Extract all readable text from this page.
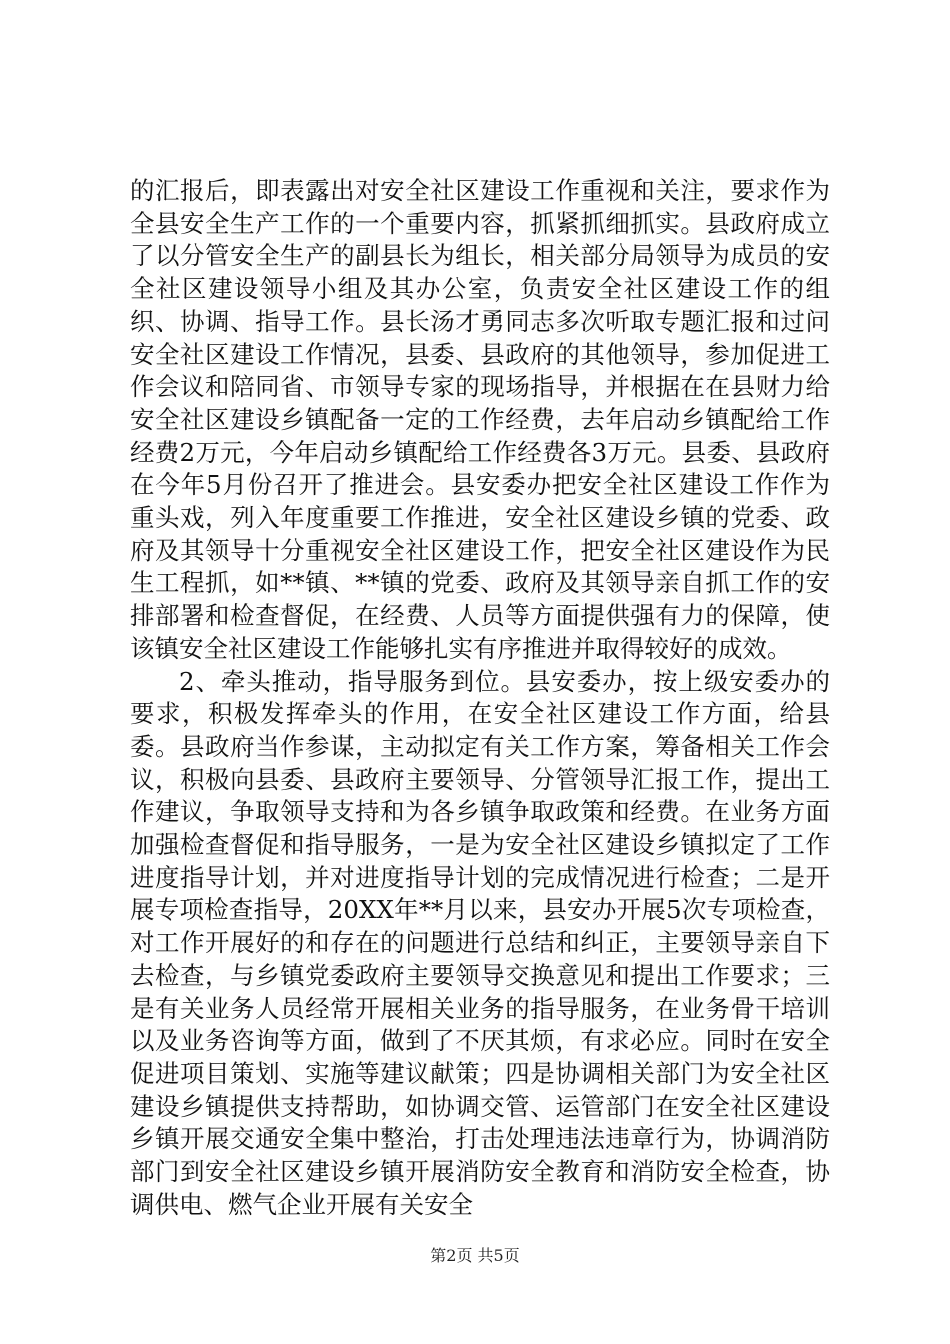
的汇报后，即表露出对安全社区建设工作重视和关注，要求作为全县安全生产工作的一个重要内容，抓紧抓细抓实。县政府成立了以分管安全生产的副县长为组长，相关部分局领导为成员的安全社区建设领导小组及其办公室，负责安全社区建设工作的组织、协调、指导工作。县长汤才勇同志多次听取专题汇报和过问安全社区建设工作情况，县委、县政府的其他领导，参加促进工作会议和陪同省、市领导专家的现场指导，并根据在在县财力给安全社区建设乡镇配备一定的工作经费，去年启动乡镇配给工作经费2万元，今年启动乡镇配给工作经费各3万元。县委、县政府在今年5月份召开了推进会。县安委办把安全社区建设工作作为重头戏，列入年度重要工作推进，安全社区建设乡镇的党委、政府及其领导十分重视安全社区建设工作，把安全社区建设作为民生工程抓，如**镇、**镇的党委、政府及其领导亲自抓工作的安排部署和检查督促，在经费、人员等方面提供强有力的保障，使该镇安全社区建设工作能够扎实有序推进并取得较好的成效。

2、牵头推动，指导服务到位。县安委办，按上级安委办的要求，积极发挥牵头的作用，在安全社区建设工作方面，给县委。县政府当作参谋，主动拟定有关工作方案，筹备相关工作会议，积极向县委、县政府主要领导、分管领导汇报工作，提出工作建议，争取领导支持和为各乡镇争取政策和经费。在业务方面加强检查督促和指导服务，一是为安全社区建设乡镇拟定了工作进度指导计划，并对进度指导计划的完成情况进行检查；二是开展专项检查指导，20XX年**月以来，县安办开展5次专项检查，对工作开展好的和存在的问题进行总结和纠正，主要领导亲自下去检查，与乡镇党委政府主要领导交换意见和提出工作要求；三是有关业务人员经常开展相关业务的指导服务，在业务骨干培训以及业务咨询等方面，做到了不厌其烦，有求必应。同时在安全促进项目策划、实施等建议献策；四是协调相关部门为安全社区建设乡镇提供支持帮助，如协调交管、运管部门在安全社区建设乡镇开展交通安全集中整治，打击处理违法违章行为，协调消防部门到安全社区建设乡镇开展消防安全教育和消防安全检查，协调供电、燃气企业开展有关安全

第2页 共5页
